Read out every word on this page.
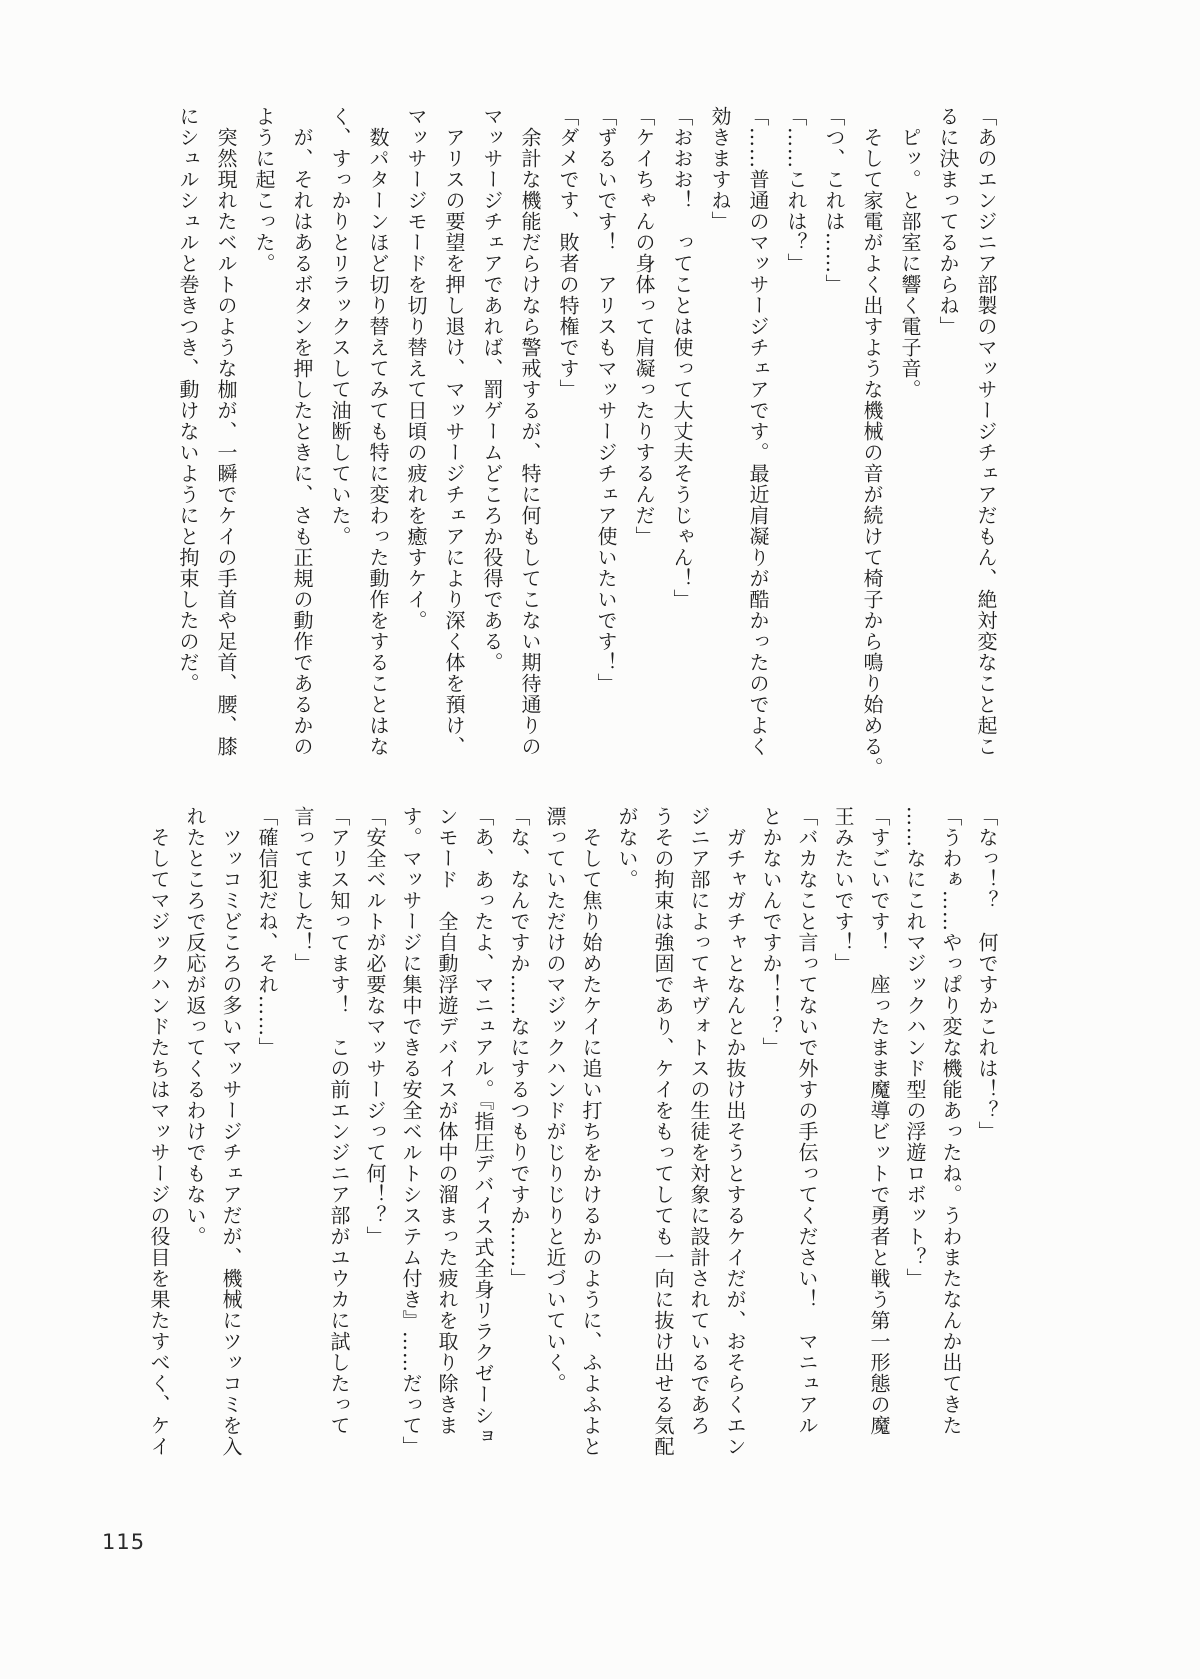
「あのエンジニア部製のマッサージチェアだもん、絶対変なこと起こ
るに決まってるからね」
ピッ。と部室に響く電子音。
そして家電がよく出すような機械の音が続けて椅子から鳴り始める。
「つ、これは……」
「……これは？」
「……普通のマッサージチェアです。最近肩凝りが酷かったのでよく
効きますね」
「おおお！　ってことは使って大丈夫そうじゃん！」
「ケイちゃんの身体って肩凝ったりするんだ」
「ずるいです！　アリスもマッサージチェア使いたいです！」
「ダメです、敗者の特権です」
余計な機能だらけなら警戒するが、特に何もしてこない期待通りの
マッサージチェアであれば、罰ゲームどころか役得である。
アリスの要望を押し退け、マッサージチェアにより深く体を預け、
マッサージモードを切り替えて日頃の疲れを癒すケイ。
数パターンほど切り替えてみても特に変わった動作をすることはな
く、すっかりとリラックスして油断していた。
が、それはあるボタンを押したときに、さも正規の動作であるかの
ように起こった。
突然現れたベルトのような枷が、一瞬でケイの手首や足首、腰、膝
にシュルシュルと巻きつき、動けないようにと拘束したのだ。
「なっ！？　何ですかこれは！？」
「うわぁ……やっぱり変な機能あったね。うわまたなんか出てきた
……なにこれマジックハンド型の浮遊ロボット？」
「すごいです！　座ったまま魔導ビットで勇者と戦う第一形態の魔
王みたいです！」
「バカなこと言ってないで外すの手伝ってください！　マニュアル
とかないんですか！！？」
ガチャガチャとなんとか抜け出そうとするケイだが、おそらくエン
ジニア部によってキヴォトスの生徒を対象に設計されているであろ
うその拘束は強固であり、ケイをもってしても一向に抜け出せる気配
がない。
そして焦り始めたケイに追い打ちをかけるかのように、ふよふよと
漂っていただけのマジックハンドがじりじりと近づいていく。
「な、なんですか……なにするつもりですか……」
「あ、あったよ、マニュアル。『指圧デバイス式全身リラクゼーショ
ンモード　全自動浮遊デバイスが体中の溜まった疲れを取り除きま
す。マッサージに集中できる安全ベルトシステム付き』……だって」
「安全ベルトが必要なマッサージって何！？」
「アリス知ってます！　この前エンジニア部がユウカに試したって
言ってました！」
「確信犯だね、それ……」
ツッコミどころの多いマッサージチェアだが、機械にツッコミを入
れたところで反応が返ってくるわけでもない。
そしてマジックハンドたちはマッサージの役目を果たすべく、ケイ
115
